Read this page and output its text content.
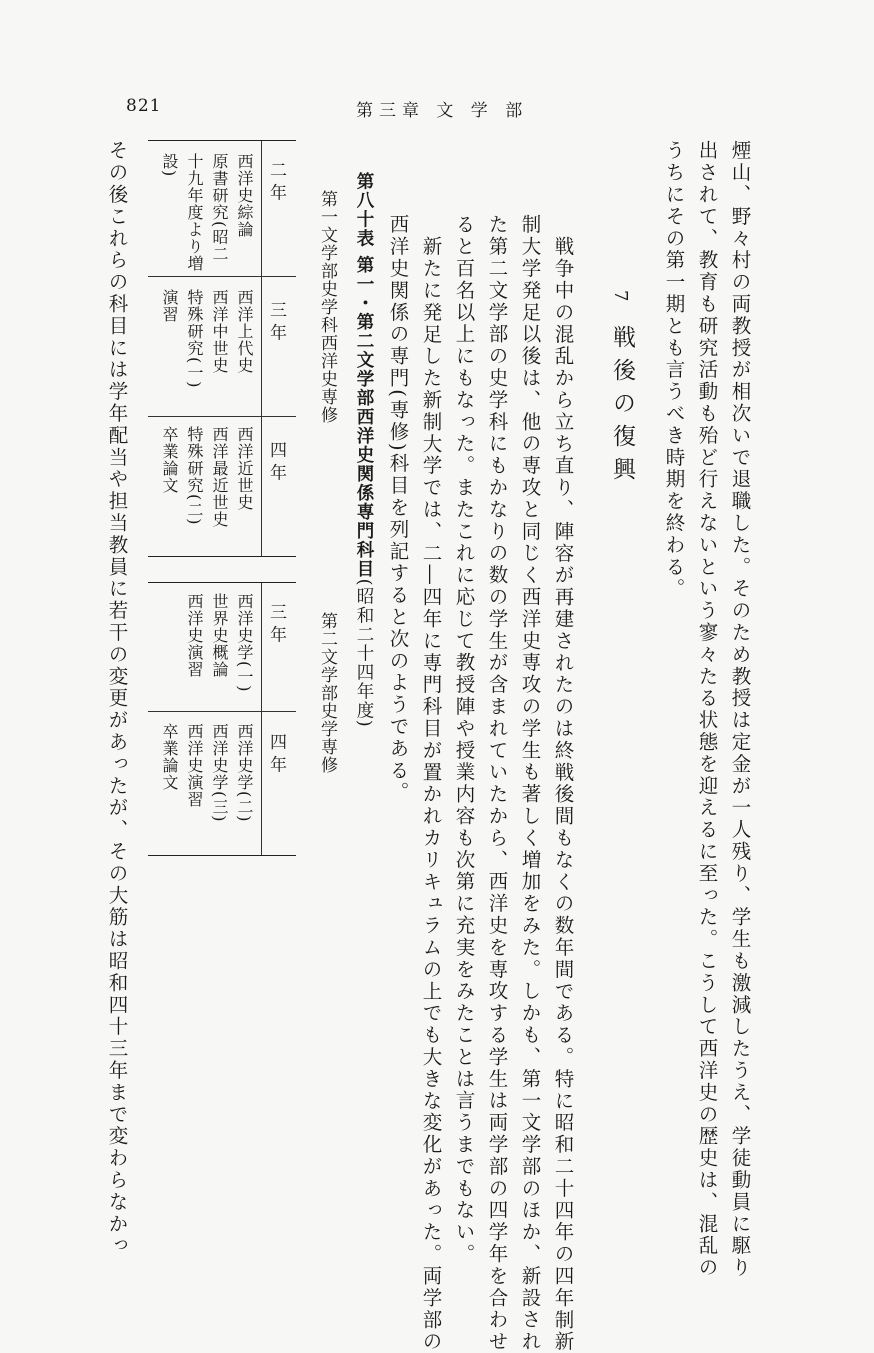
821	第三章 文 学 部
煙山、野々村の両教授が相次いで退職した。そのため教授は定金が一人残り、学生も激減したうえ、学徒動員に駆り
出されて、教育も研究活動も殆ど行えないという寥々たる状態を迎えるに至った。こうして西洋史の歴史は、混乱の
うちにその第一期とも言うべき時期を終わる。
7
戦後の復興
戦争中の混乱から立ち直り、陣容が再建されたのは終戦後間もなくの数年間である。特に昭和二十四年の四年制新
制大学発足以後は、他の専攻と同じく西洋史専攻の学生も著しく増加をみた。しかも、第一文学部のほか、新設され
た第二文学部の史学科にもかなりの数の学生が含まれていたから、西洋史を専攻する学生は両学部の四学年を合わせ
ると百名以上にもなった。またこれに応じて教授陣や授業内容も次第に充実をみたことは言うまでもない。
新たに発足した新制大学では、二―四年に専門科目が置かれカリキュラムの上でも大きな変化があった。両学部の
西洋史関係の専門(専修)科目を列記すると次のようである。
第八十表 第一・第二文学部西洋史関係専門科目(昭和二十四年度)
第一文学部史学科西洋史専修
二 年
三 年
四 年
西洋史綜論
原書研究(昭二
十九年度より増
設)
西洋上代史
西洋中世史
特殊研究(一)
演習
西洋近世史
西洋最近世史
特殊研究(二)
卒業論文
第二文学部史学専修
三 年
四 年
西洋史学(一)
世界史概論
西洋史演習
西洋史学(二)
西洋史学(三)
西洋史演習
卒業論文
その後これらの科目には学年配当や担当教員に若干の変更があったが、その大筋は昭和四十三年まで変わらなかっ
